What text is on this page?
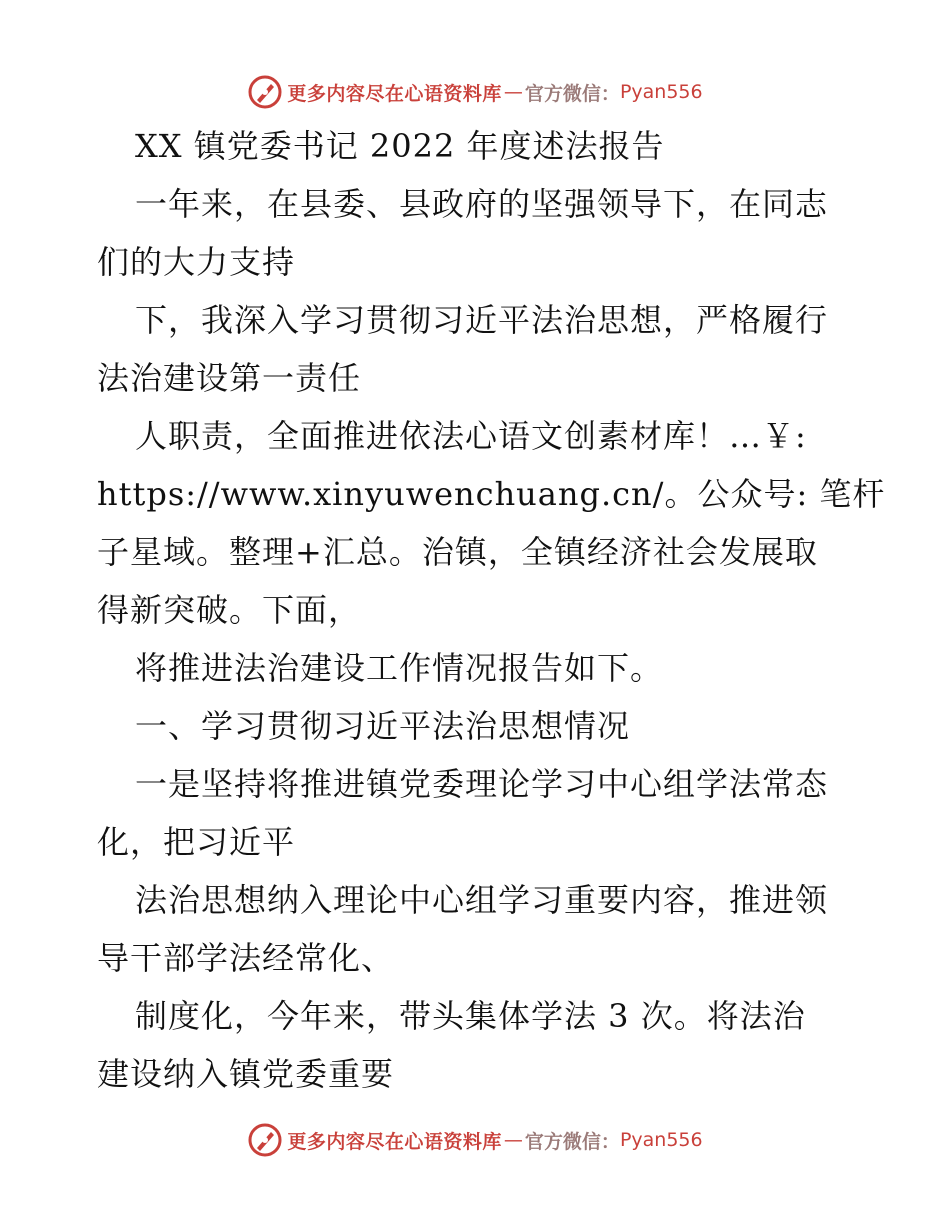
更多内容尽在心语资料库 — 官方微信： Pyan556
XX 镇党委书记 2022 年度述法报告
一年来，在县委、县政府的坚强领导下，在同志
们的大力支持
下，我深入学习贯彻习近平法治思想，严格履行
法治建设第一责任
人职责，全面推进依法心语文创素材库！…￥:
https://www.xinyuwenchuang.cn/。公众号: 笔杆
子星域。整理+汇总。治镇，全镇经济社会发展取
得新突破。下面，
将推进法治建设工作情况报告如下。
一、学习贯彻习近平法治思想情况
一是坚持将推进镇党委理论学习中心组学法常态
化，把习近平
法治思想纳入理论中心组学习重要内容，推进领
导干部学法经常化、
制度化，今年来，带头集体学法 3 次。将法治
建设纳入镇党委重要
更多内容尽在心语资料库 — 官方微信： Pyan556
